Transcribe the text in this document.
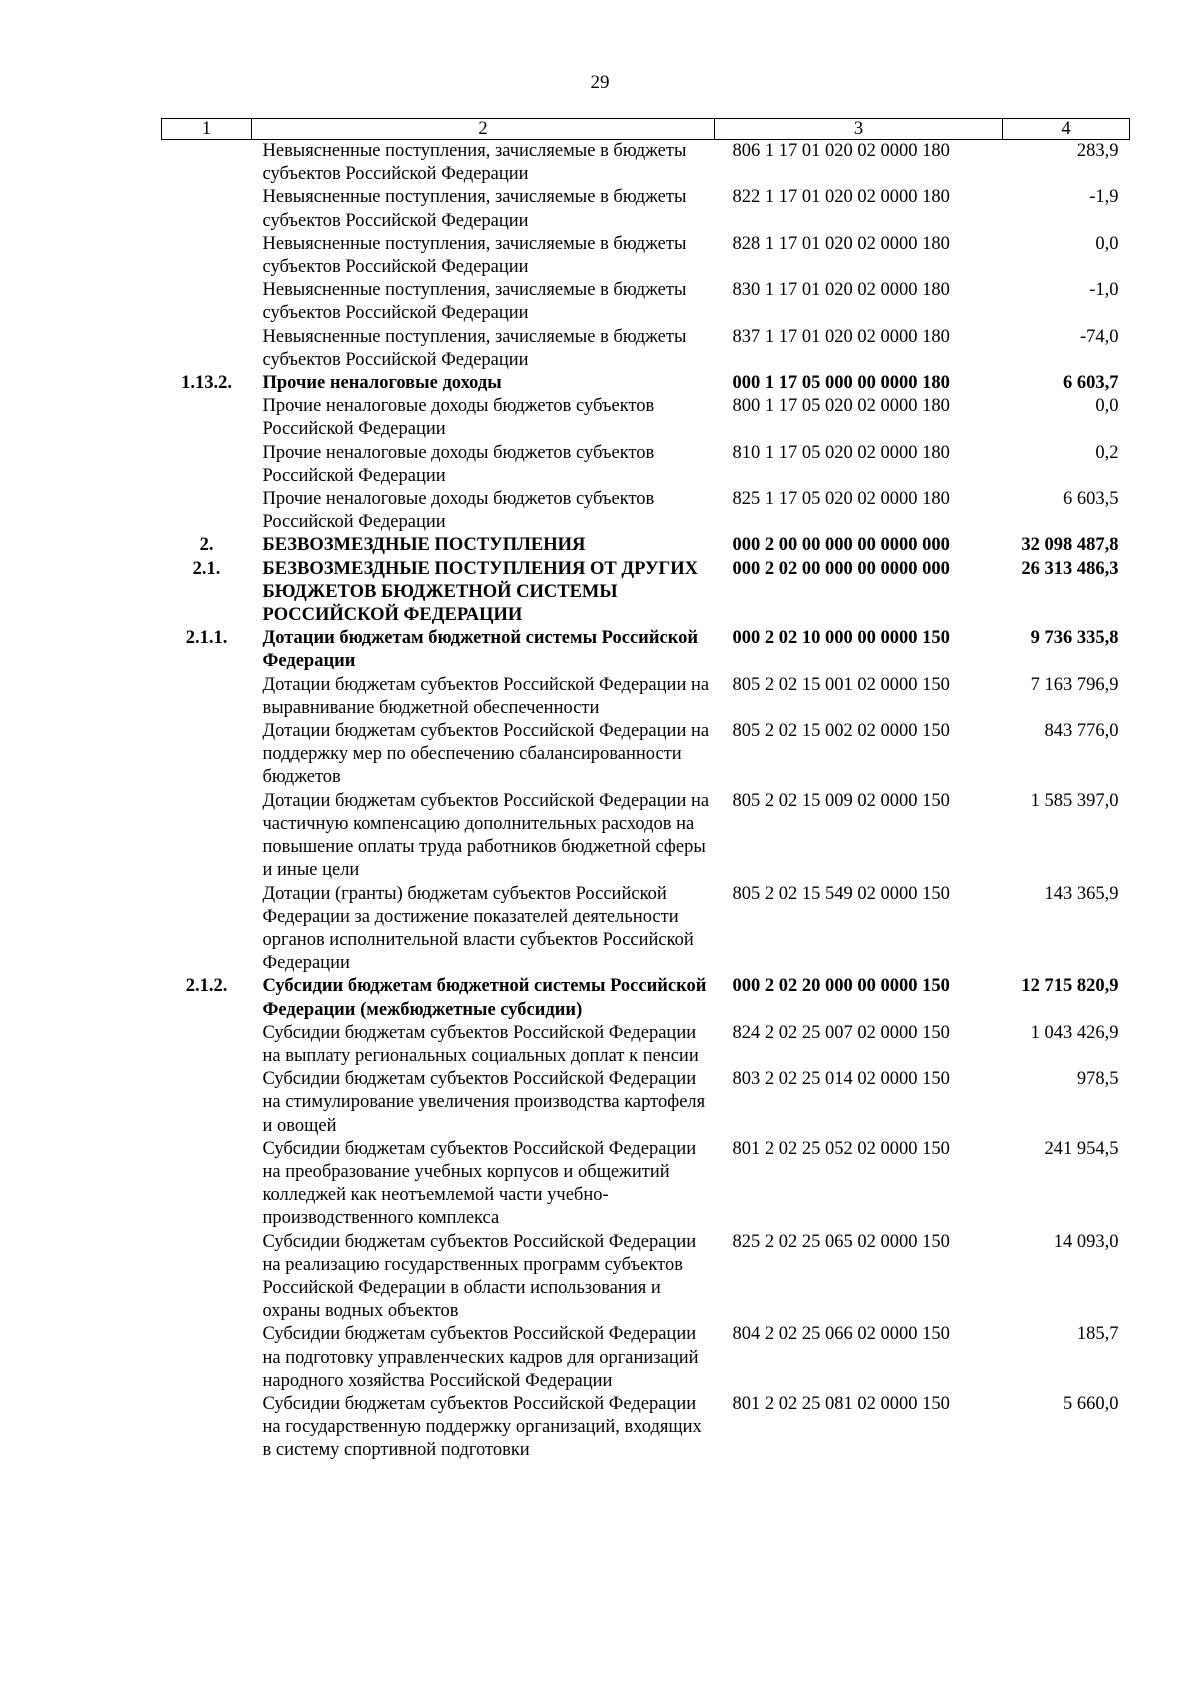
29
1	2	3	4
	Невыясненные поступления, зачисляемые в бюджеты субъектов Российской Федерации	806 1 17 01 020 02 0000 180	283,9
	Невыясненные поступления, зачисляемые в бюджеты субъектов Российской Федерации	822 1 17 01 020 02 0000 180	-1,9
	Невыясненные поступления, зачисляемые в бюджеты субъектов Российской Федерации	828 1 17 01 020 02 0000 180	0,0
	Невыясненные поступления, зачисляемые в бюджеты субъектов Российской Федерации	830 1 17 01 020 02 0000 180	-1,0
	Невыясненные поступления, зачисляемые в бюджеты субъектов Российской Федерации	837 1 17 01 020 02 0000 180	-74,0
1.13.2.	Прочие неналоговые доходы	000 1 17 05 000 00 0000 180	6 603,7
	Прочие неналоговые доходы бюджетов субъектов Российской Федерации	800 1 17 05 020 02 0000 180	0,0
	Прочие неналоговые доходы бюджетов субъектов Российской Федерации	810 1 17 05 020 02 0000 180	0,2
	Прочие неналоговые доходы бюджетов субъектов Российской Федерации	825 1 17 05 020 02 0000 180	6 603,5
2.	БЕЗВОЗМЕЗДНЫЕ ПОСТУПЛЕНИЯ	000 2 00 00 000 00 0000 000	32 098 487,8
2.1.	БЕЗВОЗМЕЗДНЫЕ ПОСТУПЛЕНИЯ ОТ ДРУГИХ БЮДЖЕТОВ БЮДЖЕТНОЙ СИСТЕМЫ РОССИЙСКОЙ ФЕДЕРАЦИИ	000 2 02 00 000 00 0000 000	26 313 486,3
2.1.1.	Дотации бюджетам бюджетной системы Российской Федерации	000 2 02 10 000 00 0000 150	9 736 335,8
	Дотации бюджетам субъектов Российской Федерации на выравнивание бюджетной обеспеченности	805 2 02 15 001 02 0000 150	7 163 796,9
	Дотации бюджетам субъектов Российской Федерации на поддержку мер по обеспечению сбалансированности бюджетов	805 2 02 15 002 02 0000 150	843 776,0
	Дотации бюджетам субъектов Российской Федерации на частичную компенсацию дополнительных расходов на повышение оплаты труда работников бюджетной сферы и иные цели	805 2 02 15 009 02 0000 150	1 585 397,0
	Дотации (гранты) бюджетам субъектов Российской Федерации за достижение показателей деятельности органов исполнительной власти субъектов Российской Федерации	805 2 02 15 549 02 0000 150	143 365,9
2.1.2.	Субсидии бюджетам бюджетной системы Российской Федерации (межбюджетные субсидии)	000 2 02 20 000 00 0000 150	12 715 820,9
	Субсидии бюджетам субъектов Российской Федерации на выплату региональных социальных доплат к пенсии	824 2 02 25 007 02 0000 150	1 043 426,9
	Субсидии бюджетам субъектов Российской Федерации на стимулирование увеличения производства картофеля и овощей	803 2 02 25 014 02 0000 150	978,5
	Субсидии бюджетам субъектов Российской Федерации на преобразование учебных корпусов и общежитий колледжей как неотъемлемой части учебно-производственного комплекса	801 2 02 25 052 02 0000 150	241 954,5
	Субсидии бюджетам субъектов Российской Федерации на реализацию государственных программ субъектов Российской Федерации в области использования и охраны водных объектов	825 2 02 25 065 02 0000 150	14 093,0
	Субсидии бюджетам субъектов Российской Федерации на подготовку управленческих кадров для организаций народного хозяйства Российской Федерации	804 2 02 25 066 02 0000 150	185,7
	Субсидии бюджетам субъектов Российской Федерации на государственную поддержку организаций, входящих в систему спортивной подготовки	801 2 02 25 081 02 0000 150	5 660,0
